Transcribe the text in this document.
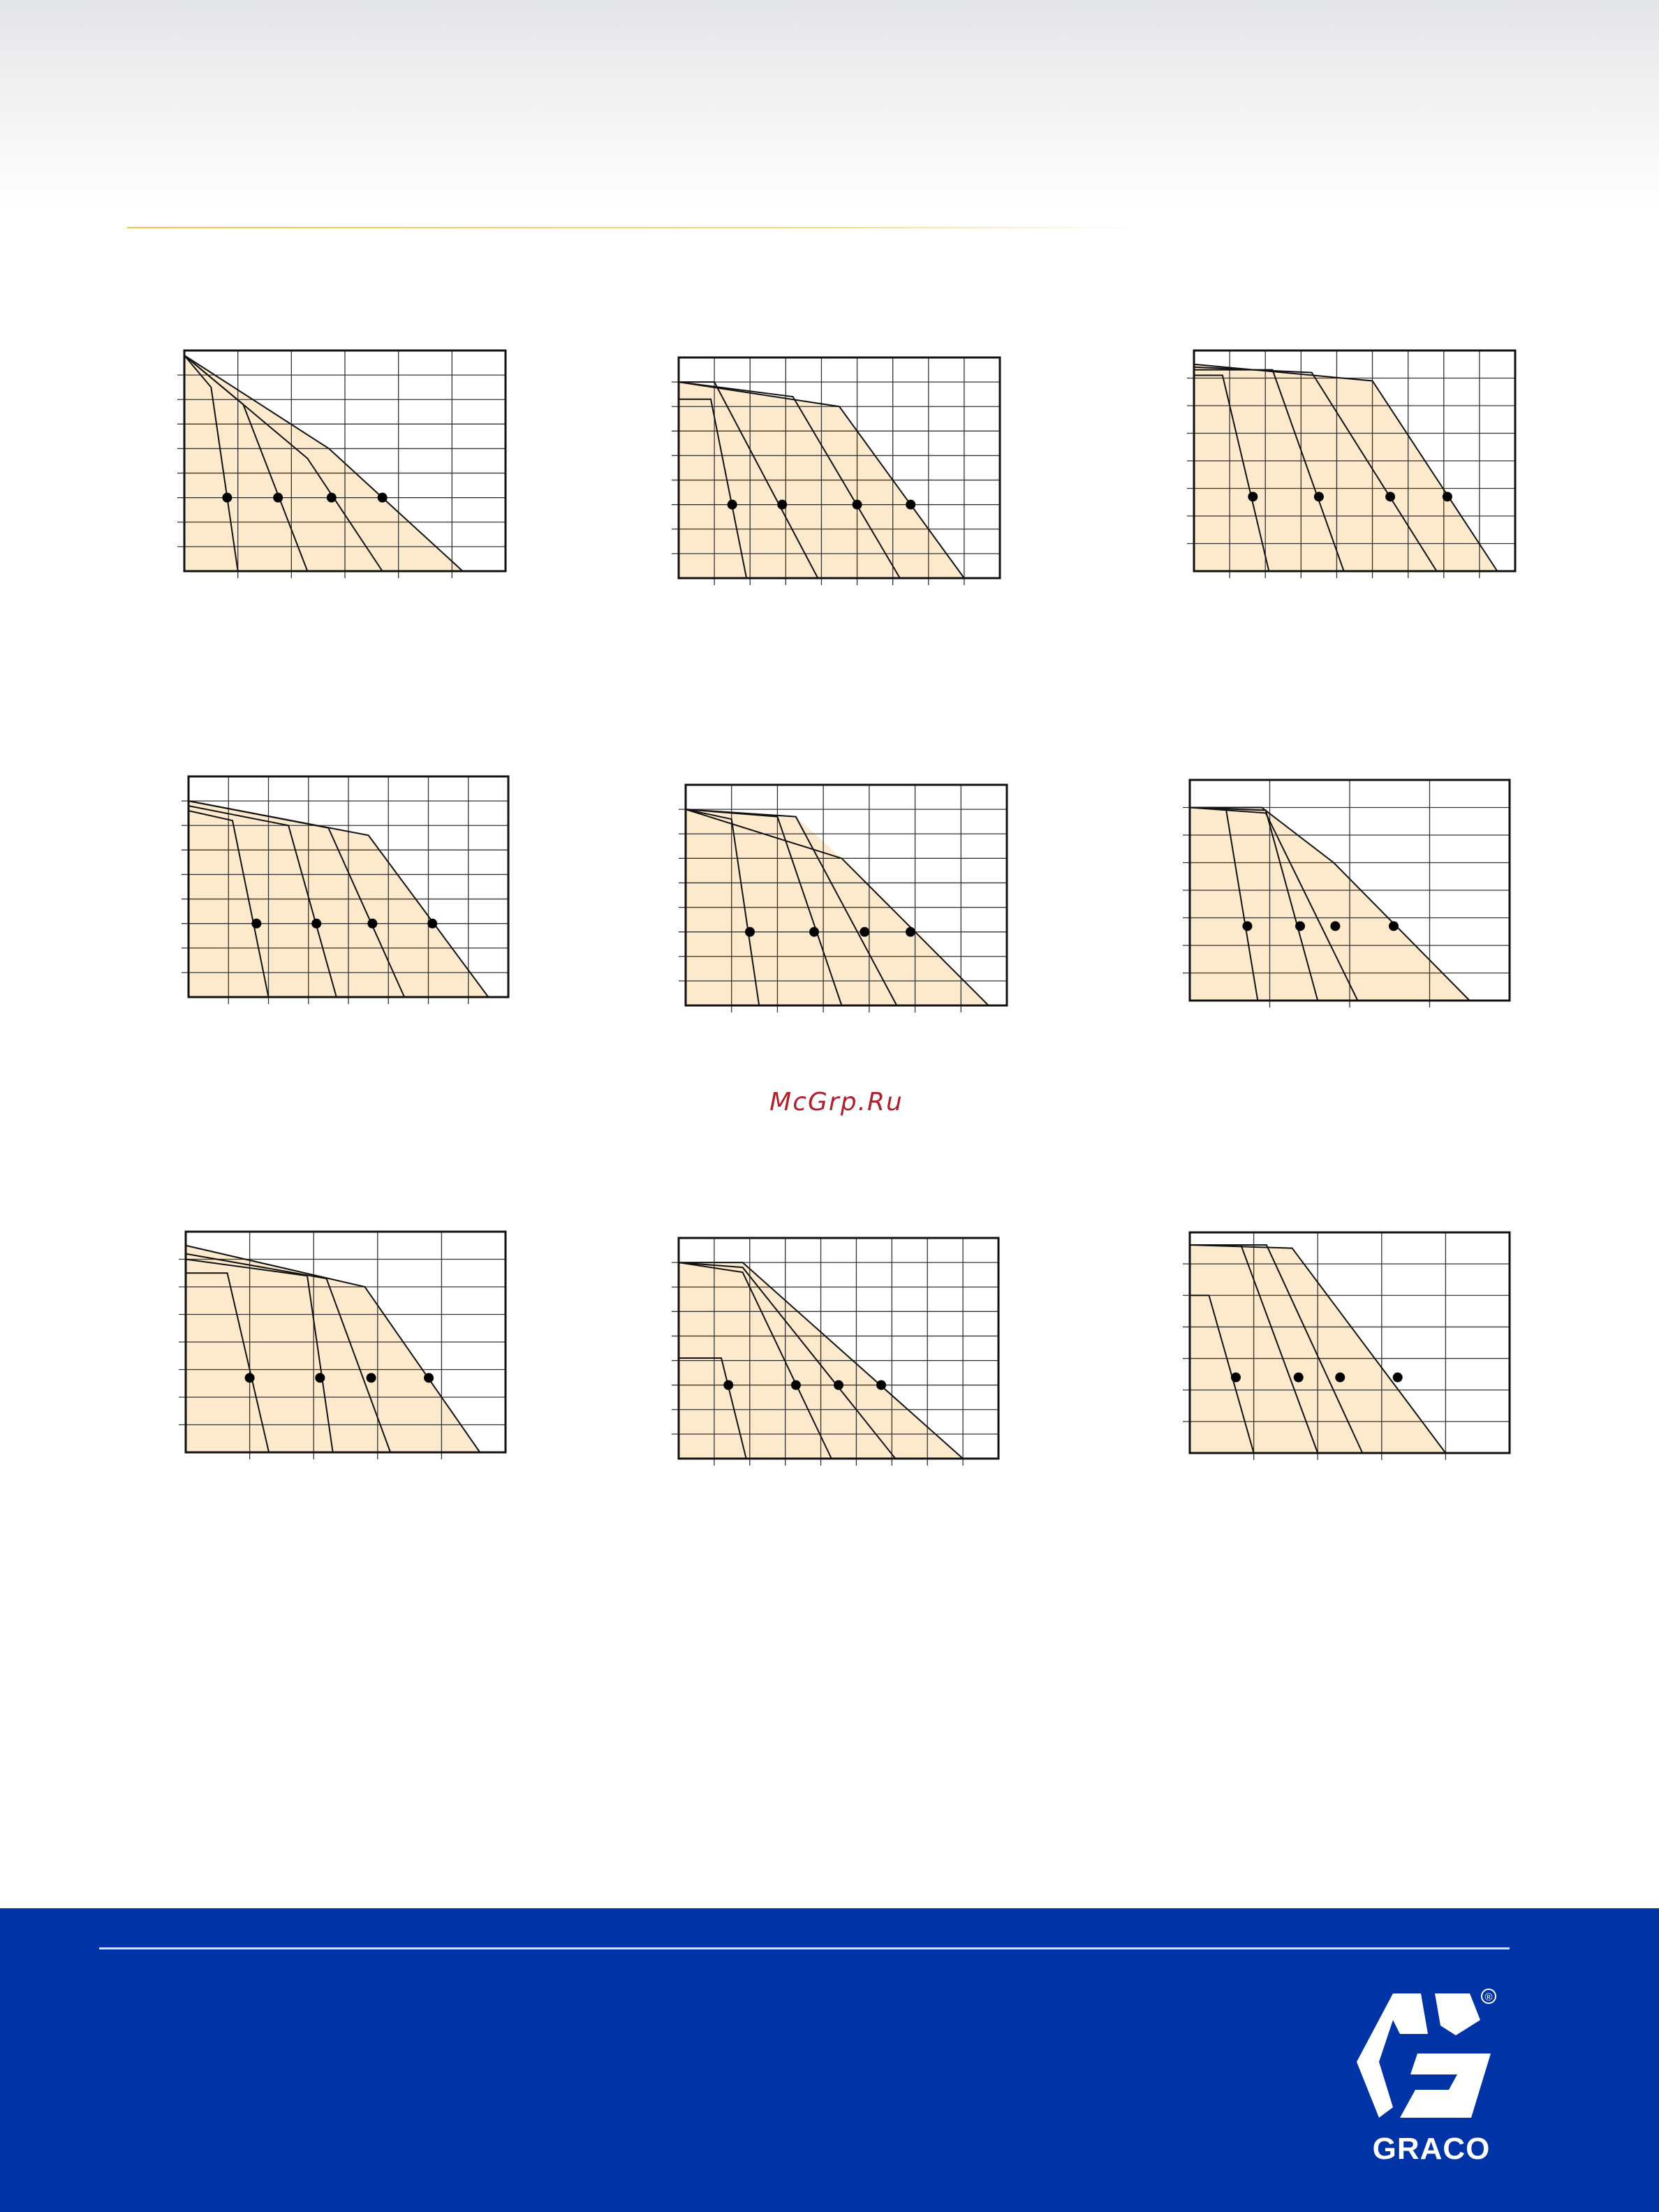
McGrp.Ru
®
GRACO
